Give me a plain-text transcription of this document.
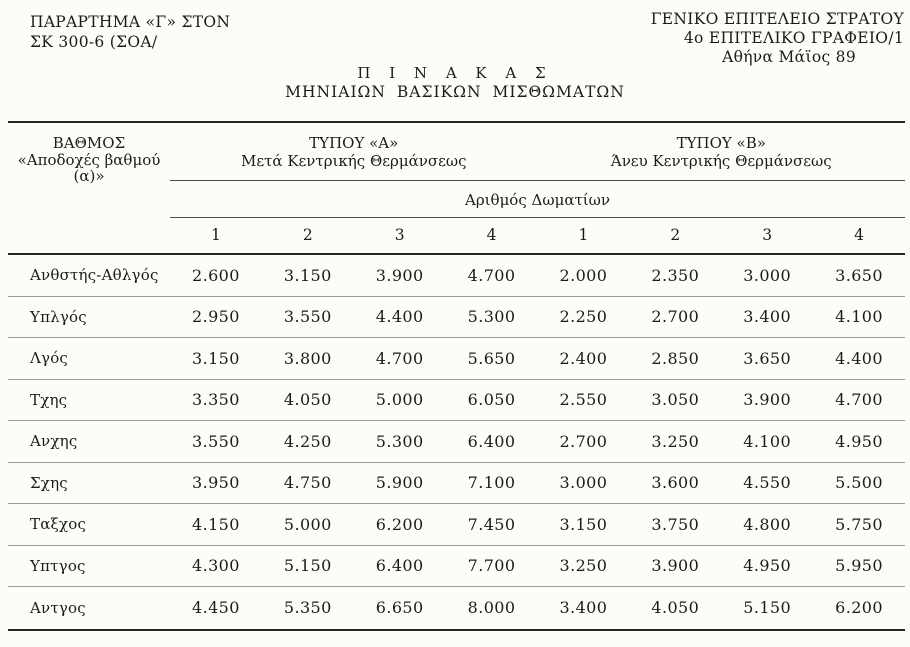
ΠΑΡΑΡΤΗΜΑ «Γ» ΣΤΟΝ
ΣΚ 300-6 (ΣΟΑ/
ΓΕΝΙΚΟ ΕΠΙΤΕΛΕΙΟ ΣΤΡΑΤΟΥ
4ο ΕΠΙΤΕΛΙΚΟ ΓΡΑΦΕΙΟ/1
Αθήνα Μάϊος 89
Π Ι Ν Α Κ Α Σ
ΜΗΝΙΑΙΩΝ ΒΑΣΙΚΩΝ ΜΙΣΘΩΜΑΤΩΝ
ΒΑΘΜΟΣ
«Αποδοχές βαθμού
(α)»
ΤΥΠΟΥ «Α»
Μετά Κεντρικής Θερμάνσεως
ΤΥΠΟΥ «Β»
Άνευ Κεντρικής Θερμάνσεως
Αριθμός Δωματίων
1	2	3	4	1	2	3	4
Ανθστής-Αθλγός	2.600	3.150	3.900	4.700	2.000	2.350	3.000	3.650
Υπλγός	2.950	3.550	4.400	5.300	2.250	2.700	3.400	4.100
Λγός	3.150	3.800	4.700	5.650	2.400	2.850	3.650	4.400
Τχης	3.350	4.050	5.000	6.050	2.550	3.050	3.900	4.700
Ανχης	3.550	4.250	5.300	6.400	2.700	3.250	4.100	4.950
Σχης	3.950	4.750	5.900	7.100	3.000	3.600	4.550	5.500
Ταξχος	4.150	5.000	6.200	7.450	3.150	3.750	4.800	5.750
Υπτγος	4.300	5.150	6.400	7.700	3.250	3.900	4.950	5.950
Αντγος	4.450	5.350	6.650	8.000	3.400	4.050	5.150	6.200
